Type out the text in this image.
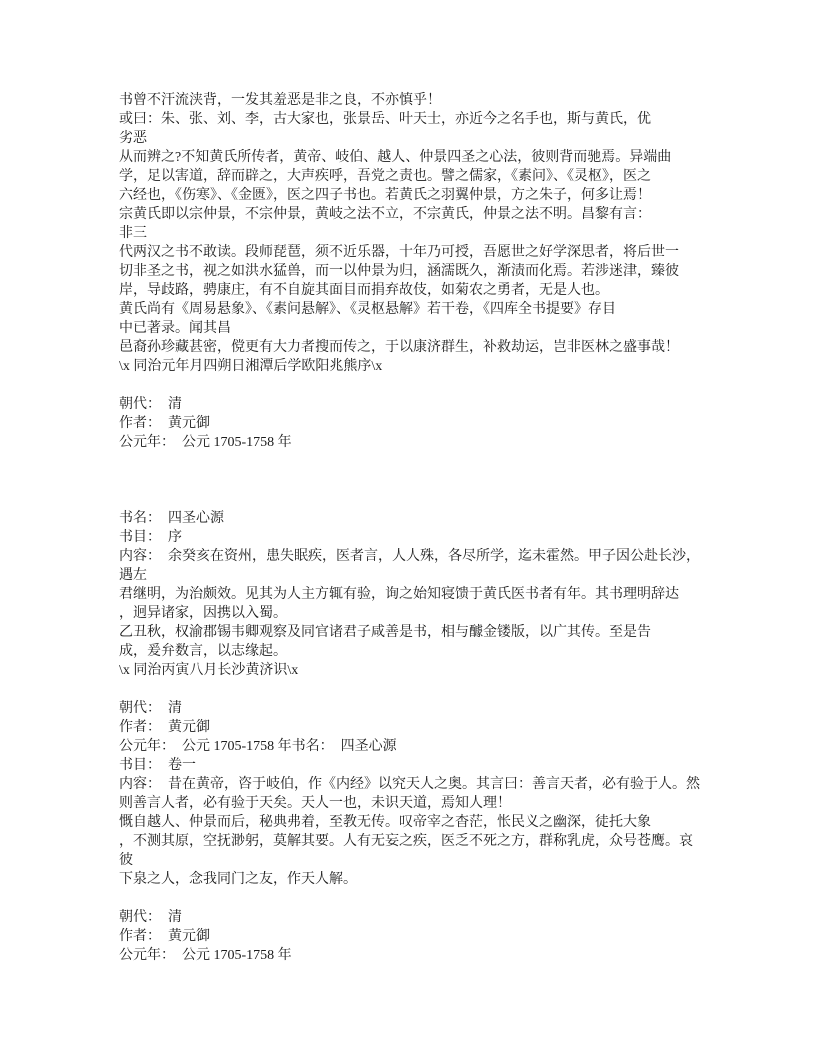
书曾不汗流浃背，一发其羞恶是非之良，不亦慎乎！
或曰：朱、张、刘、李，古大家也，张景岳、叶天士，亦近今之名手也，斯与黄氏，优
劣恶
从而辨之?不知黄氏所传者，黄帝、岐伯、越人、仲景四圣之心法，彼则背而驰焉。异端曲
学，足以害道，辞而辟之，大声疾呼，吾党之责也。譬之儒家，《素问》、《灵枢》，医之
六经也，《伤寒》、《金匮》，医之四子书也。若黄氏之羽翼仲景，方之朱子，何多让焉！
宗黄氏即以宗仲景，不宗仲景，黄岐之法不立，不宗黄氏，仲景之法不明。昌黎有言：
非三
代两汉之书不敢读。段师琵琶，须不近乐器，十年乃可授，吾愿世之好学深思者，将后世一
切非圣之书，视之如洪水猛兽，而一以仲景为归，涵濡既久，渐渍而化焉。若涉迷津，臻彼
岸，导歧路，骋康庄，有不自旋其面目而捐弃故伎，如菊农之勇者，无是人也。
黄氏尚有《周易悬象》、《素问悬解》、《灵枢悬解》若干卷，《四库全书提要》存目
中已著录。闻其昌
邑裔孙珍藏甚密，傥更有大力者搜而传之，于以康济群生，补救劫运，岂非医林之盛事哉！
\x 同治元年月四朔日湘潭后学欧阳兆熊序\x
朝代：　清
作者：　黄元御
公元年：　公元 1705-1758 年
书名：　四圣心源
书目：　序
内容：　余癸亥在资州，患失眠疾，医者言，人人殊，各尽所学，迄未霍然。甲子因公赴长沙，
遇左
君继明，为治颇效。见其为人主方辄有验，询之始知寝馈于黄氏医书者有年。其书理明辞达
，迥异诸家，因携以入蜀。
乙丑秋，权渝郡锡韦卿观察及同官诸君子咸善是书，相与醵金镂版，以广其传。至是告
成，爰弁数言，以志缘起。
\x 同治丙寅八月长沙黄济识\x
朝代：　清
作者：　黄元御
公元年：　公元 1705-1758 年书名：　四圣心源
书目：　卷一
内容：　昔在黄帝，咨于岐伯，作《内经》以究天人之奥。其言曰：善言天者，必有验于人。然
则善言人者，必有验于天矣。天人一也，未识天道，焉知人理！
慨自越人、仲景而后，秘典弗着，至教无传。叹帝宰之杳茫，怅民义之幽深，徒托大象
，不测其原，空抚渺躬，莫解其要。人有无妄之疾，医乏不死之方，群称乳虎，众号苍鹰。哀
彼
下泉之人，念我同门之友，作天人解。
朝代：　清
作者：　黄元御
公元年：　公元 1705-1758 年
